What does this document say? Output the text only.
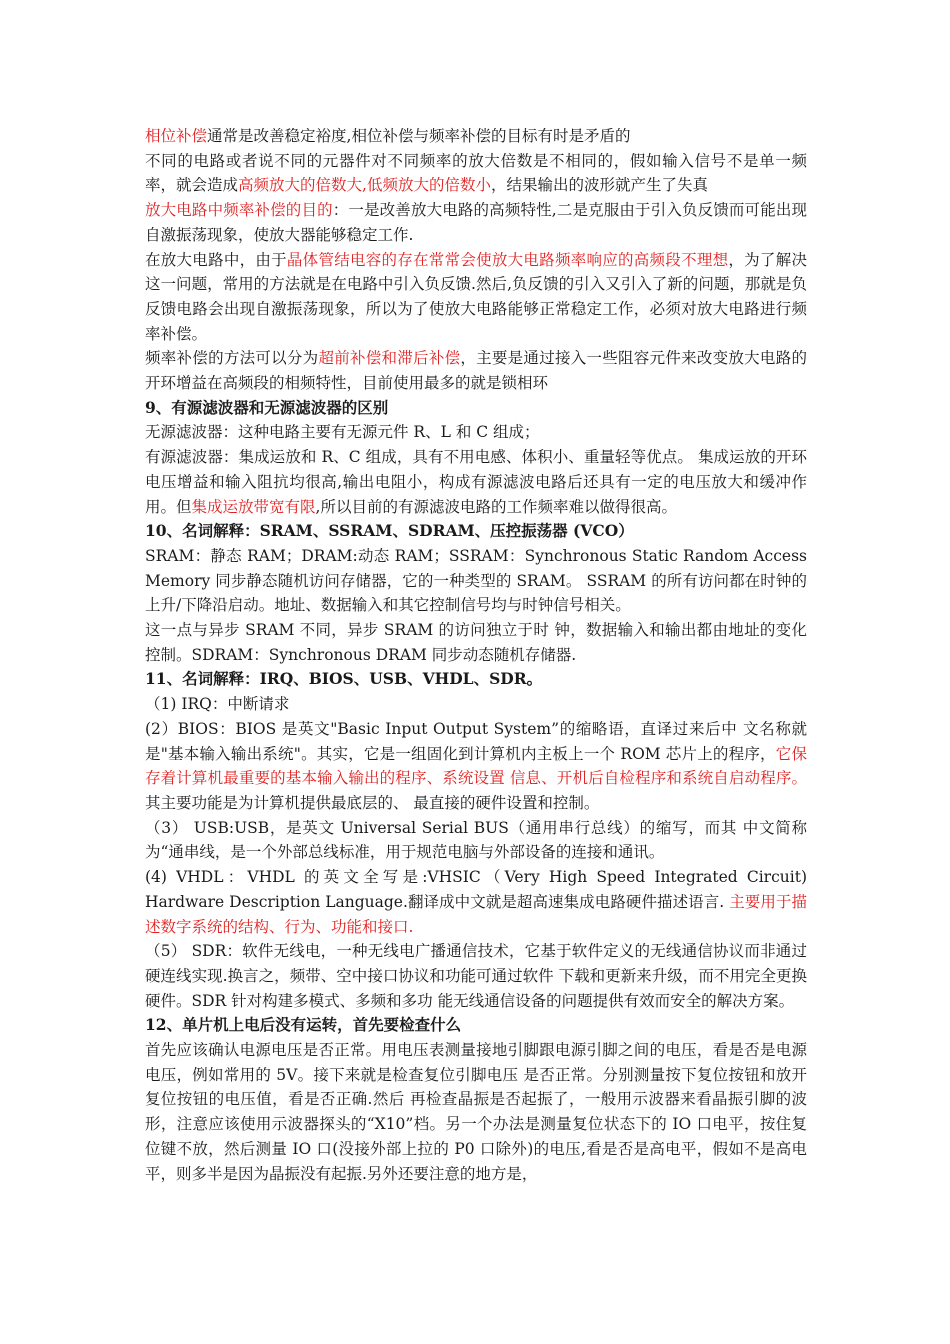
相位补偿通常是改善稳定裕度,相位补偿与频率补偿的目标有时是矛盾的

不同的电路或者说不同的元器件对不同频率的放大倍数是不相同的，假如输入信号不是单一频率，就会造成高频放大的倍数大,低频放大的倍数小，结果输出的波形就产生了失真

放大电路中频率补偿的目的：一是改善放大电路的高频特性,二是克服由于引入负反馈而可能出现自激振荡现象，使放大器能够稳定工作.

在放大电路中，由于晶体管结电容的存在常常会使放大电路频率响应的高频段不理想，为了解决这一问题，常用的方法就是在电路中引入负反馈.然后,负反馈的引入又引入了新的问题，那就是负反馈电路会出现自激振荡现象，所以为了使放大电路能够正常稳定工作，必须对放大电路进行频率补偿。

频率补偿的方法可以分为超前补偿和滞后补偿，主要是通过接入一些阻容元件来改变放大电路的开环增益在高频段的相频特性，目前使用最多的就是锁相环

9、有源滤波器和无源滤波器的区别

无源滤波器：这种电路主要有无源元件 R、L 和 C 组成；

有源滤波器：集成运放和 R、C 组成，具有不用电感、体积小、重量轻等优点。 集成运放的开环电压增益和输入阻抗均很高,输出电阻小，构成有源滤波电路后还具有一定的电压放大和缓冲作用。但集成运放带宽有限,所以目前的有源滤波电路的工作频率难以做得很高。

10、名词解释：SRAM、SSRAM、SDRAM、压控振荡器 (VCO）

SRAM：静态 RAM；DRAM:动态 RAM；SSRAM：Synchronous Static Random Access Memory 同步静态随机访问存储器，它的一种类型的 SRAM。 SSRAM 的所有访问都在时钟的上升/下降沿启动。地址、数据输入和其它控制信号均与时钟信号相关。

这一点与异步 SRAM 不同，异步 SRAM 的访问独立于时 钟，数据输入和输出都由地址的变化控制。SDRAM：Synchronous DRAM 同步动态随机存储器.

11、名词解释：IRQ、BIOS、USB、VHDL、SDR。

（1) IRQ：中断请求

(2）BIOS：BIOS 是英文"Basic Input Output System”的缩略语，直译过来后中 文名称就是"基本输入输出系统"。其实，它是一组固化到计算机内主板上一个 ROM 芯片上的程序，它保存着计算机最重要的基本输入输出的程序、系统设置 信息、开机后自检程序和系统自启动程序。其主要功能是为计算机提供最底层的、 最直接的硬件设置和控制。

（3） USB:USB，是英文 Universal Serial BUS（通用串行总线）的缩写，而其 中文简称为“通串线，是一个外部总线标准，用于规范电脑与外部设备的连接和通讯。

(4) VHDL：VHDL 的英文全写是:VHSIC（Very High Speed Integrated Circuit) Hardware Description Language.翻译成中文就是超高速集成电路硬件描述语言. 主要用于描述数字系统的结构、行为、功能和接口.

（5） SDR：软件无线电，一种无线电广播通信技术，它基于软件定义的无线通信协议而非通过硬连线实现.换言之，频带、空中接口协议和功能可通过软件 下载和更新来升级，而不用完全更换硬件。SDR 针对构建多模式、多频和多功 能无线通信设备的问题提供有效而安全的解决方案。

12、单片机上电后没有运转，首先要检查什么

首先应该确认电源电压是否正常。用电压表测量接地引脚跟电源引脚之间的电压，看是否是电源电压，例如常用的 5V。接下来就是检查复位引脚电压 是否正常。分别测量按下复位按钮和放开复位按钮的电压值，看是否正确.然后 再检查晶振是否起振了，一般用示波器来看晶振引脚的波形，注意应该使用示波器探头的“X10”档。另一个办法是测量复位状态下的 IO 口电平，按住复位键不放，然后测量 IO 口(没接外部上拉的 P0 口除外)的电压,看是否是高电平，假如不是高电平，则多半是因为晶振没有起振.另外还要注意的地方是，
